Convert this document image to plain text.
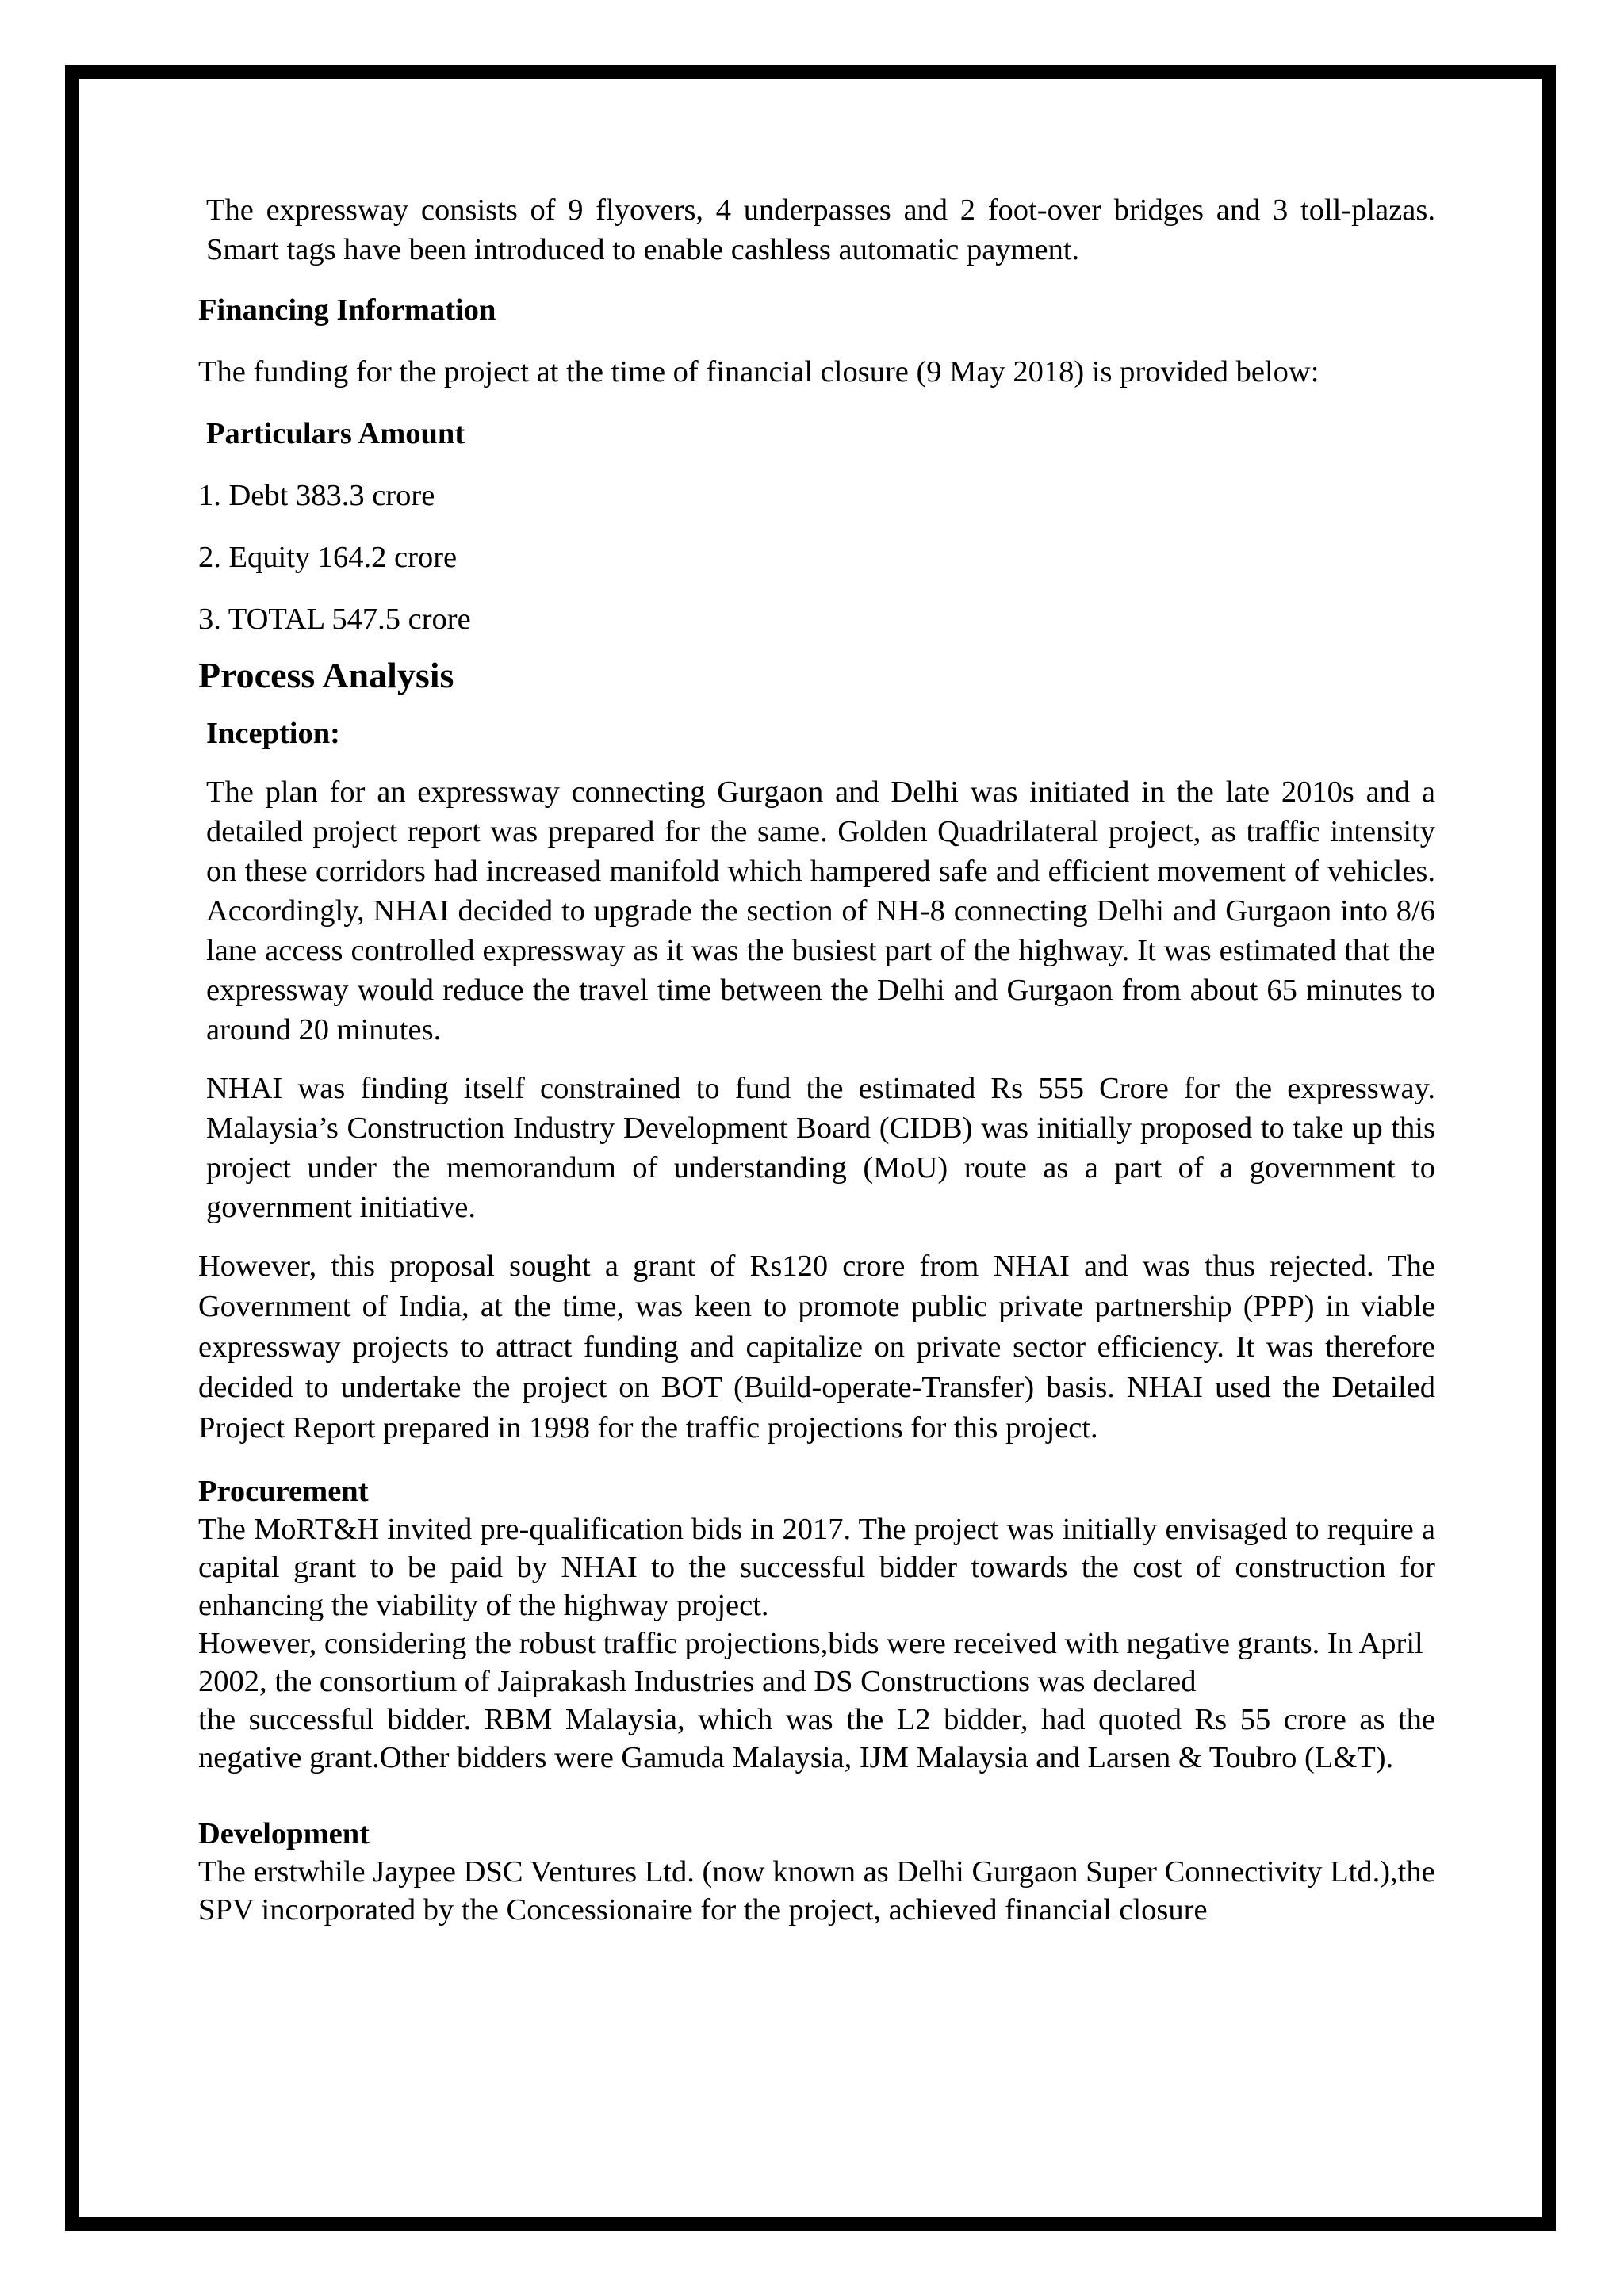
The expressway consists of 9 flyovers, 4 underpasses and 2 foot-over bridges and 3 toll-plazas. Smart tags have been introduced to enable cashless automatic payment.

Financing Information

The funding for the project at the time of financial closure (9 May 2018) is provided below:

Particulars Amount

1. Debt 383.3 crore

2. Equity 164.2 crore

3. TOTAL 547.5 crore

Process Analysis

Inception:

The plan for an expressway connecting Gurgaon and Delhi was initiated in the late 2010s and a detailed project report was prepared for the same. Golden Quadrilateral project, as traffic intensity on these corridors had increased manifold which hampered safe and efficient movement of vehicles. Accordingly, NHAI decided to upgrade the section of NH-8 connecting Delhi and Gurgaon into 8/6 lane access controlled expressway as it was the busiest part of the highway. It was estimated that the expressway would reduce the travel time between the Delhi and Gurgaon from about 65 minutes to around 20 minutes.

NHAI was finding itself constrained to fund the estimated Rs 555 Crore for the expressway. Malaysia’s Construction Industry Development Board (CIDB) was initially proposed to take up this project under the memorandum of understanding (MoU) route as a part of a government to government initiative.

However, this proposal sought a grant of Rs120 crore from NHAI and was thus rejected. The Government of India, at the time, was keen to promote public private partnership (PPP) in viable expressway projects to attract funding and capitalize on private sector efficiency. It was therefore decided to undertake the project on BOT (Build-operate-Transfer) basis. NHAI used the Detailed Project Report prepared in 1998 for the traffic projections for this project.

Procurement

The MoRT&H invited pre-qualification bids in 2017. The project was initially envisaged to require a capital grant to be paid by NHAI to the successful bidder towards the cost of construction for enhancing the viability of the highway project.

However, considering the robust traffic projections,bids were received with negative grants. In April 2002, the consortium of Jaiprakash Industries and DS Constructions was declared

the successful bidder. RBM Malaysia, which was the L2 bidder, had quoted Rs 55 crore as the negative grant.Other bidders were Gamuda Malaysia, IJM Malaysia and Larsen & Toubro (L&T).

Development

The erstwhile Jaypee DSC Ventures Ltd. (now known as Delhi Gurgaon Super Connectivity Ltd.),the SPV incorporated by the Concessionaire for the project, achieved financial closure
